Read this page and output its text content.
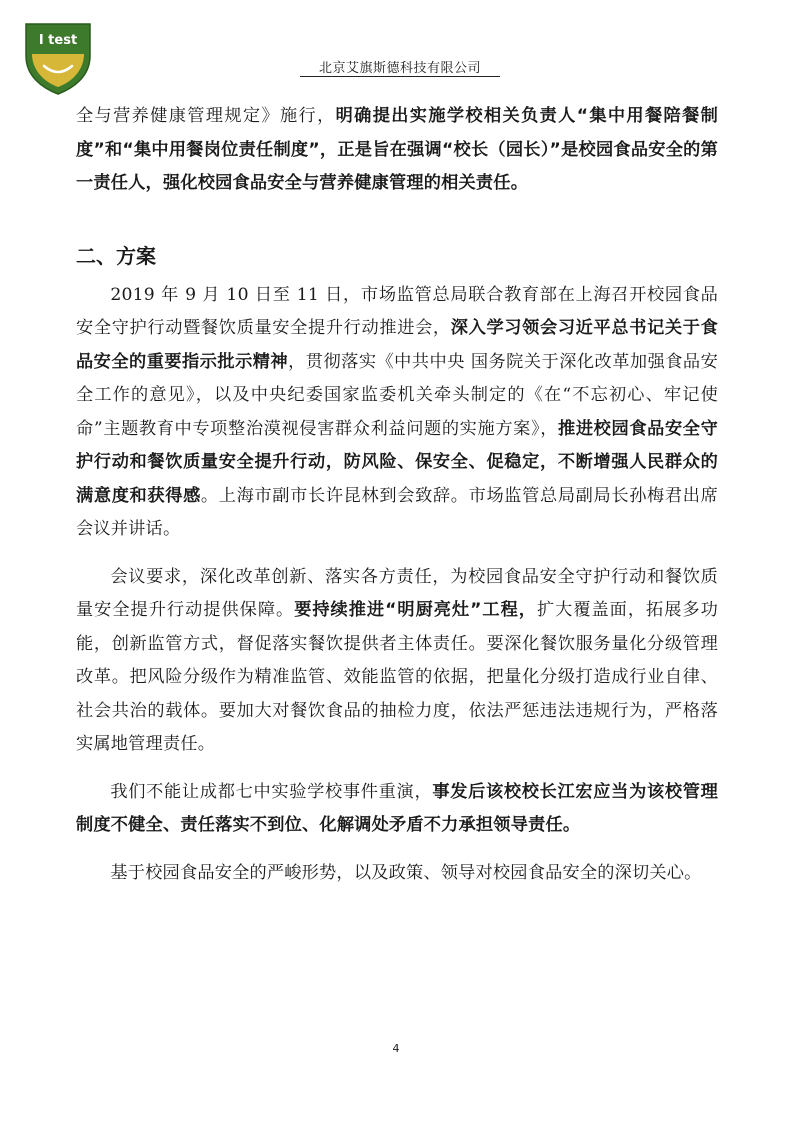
I test
北京艾旗斯德科技有限公司

全与营养健康管理规定》施行，明确提出实施学校相关负责人“集中用餐陪餐制度”和“集中用餐岗位责任制度”，正是旨在强调“校长（园长）”是校园食品安全的第一责任人，强化校园食品安全与营养健康管理的相关责任。

二、方案

2019 年 9 月 10 日至 11 日，市场监管总局联合教育部在上海召开校园食品安全守护行动暨餐饮质量安全提升行动推进会，深入学习领会习近平总书记关于食品安全的重要指示批示精神，贯彻落实《中共中央 国务院关于深化改革加强食品安全工作的意见》，以及中央纪委国家监委机关牵头制定的《在“不忘初心、牢记使命”主题教育中专项整治漠视侵害群众利益问题的实施方案》，推进校园食品安全守护行动和餐饮质量安全提升行动，防风险、保安全、促稳定，不断增强人民群众的满意度和获得感。上海市副市长许昆林到会致辞。市场监管总局副局长孙梅君出席会议并讲话。

会议要求，深化改革创新、落实各方责任，为校园食品安全守护行动和餐饮质量安全提升行动提供保障。要持续推进“明厨亮灶”工程，扩大覆盖面，拓展多功能，创新监管方式，督促落实餐饮提供者主体责任。要深化餐饮服务量化分级管理改革。把风险分级作为精准监管、效能监管的依据，把量化分级打造成行业自律、社会共治的载体。要加大对餐饮食品的抽检力度，依法严惩违法违规行为，严格落实属地管理责任。

我们不能让成都七中实验学校事件重演，事发后该校校长江宏应当为该校管理制度不健全、责任落实不到位、化解调处矛盾不力承担领导责任。

基于校园食品安全的严峻形势，以及政策、领导对校园食品安全的深切关心。

4
